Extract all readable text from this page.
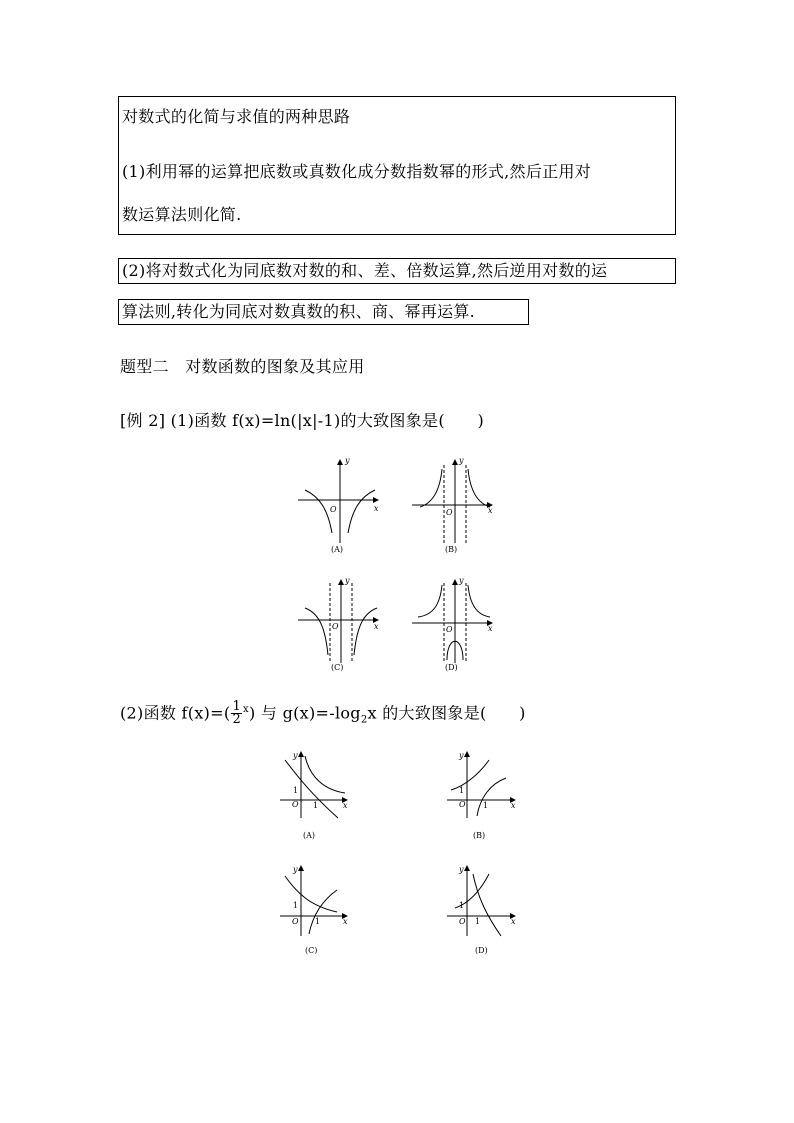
对数式的化简与求值的两种思路
(1)利用幂的运算把底数或真数化成分数指数幂的形式,然后正用对
数运算法则化简.
(2)将对数式化为同底数对数的和、差、倍数运算,然后逆用对数的运
算法则,转化为同底对数真数的积、商、幂再运算.
题型二　对数函数的图象及其应用
[例 2] (1)函数 f(x)=ln(|x|-1)的大致图象是(　　)
y
x
O
(A)
y
x
O
(B)
y
x
O
(C)
y
x
O
(D)
(2)函数 $f(x)=( \frac{1}{2} ^x)$ 与 $g(x)=-\log_2x$ 的大致图象是(　　)
y
x
O
1
1
(A)
y
x
O
1
1
(B)
y
x
O
1
1
(C)
y
x
O
1
1
(D)
